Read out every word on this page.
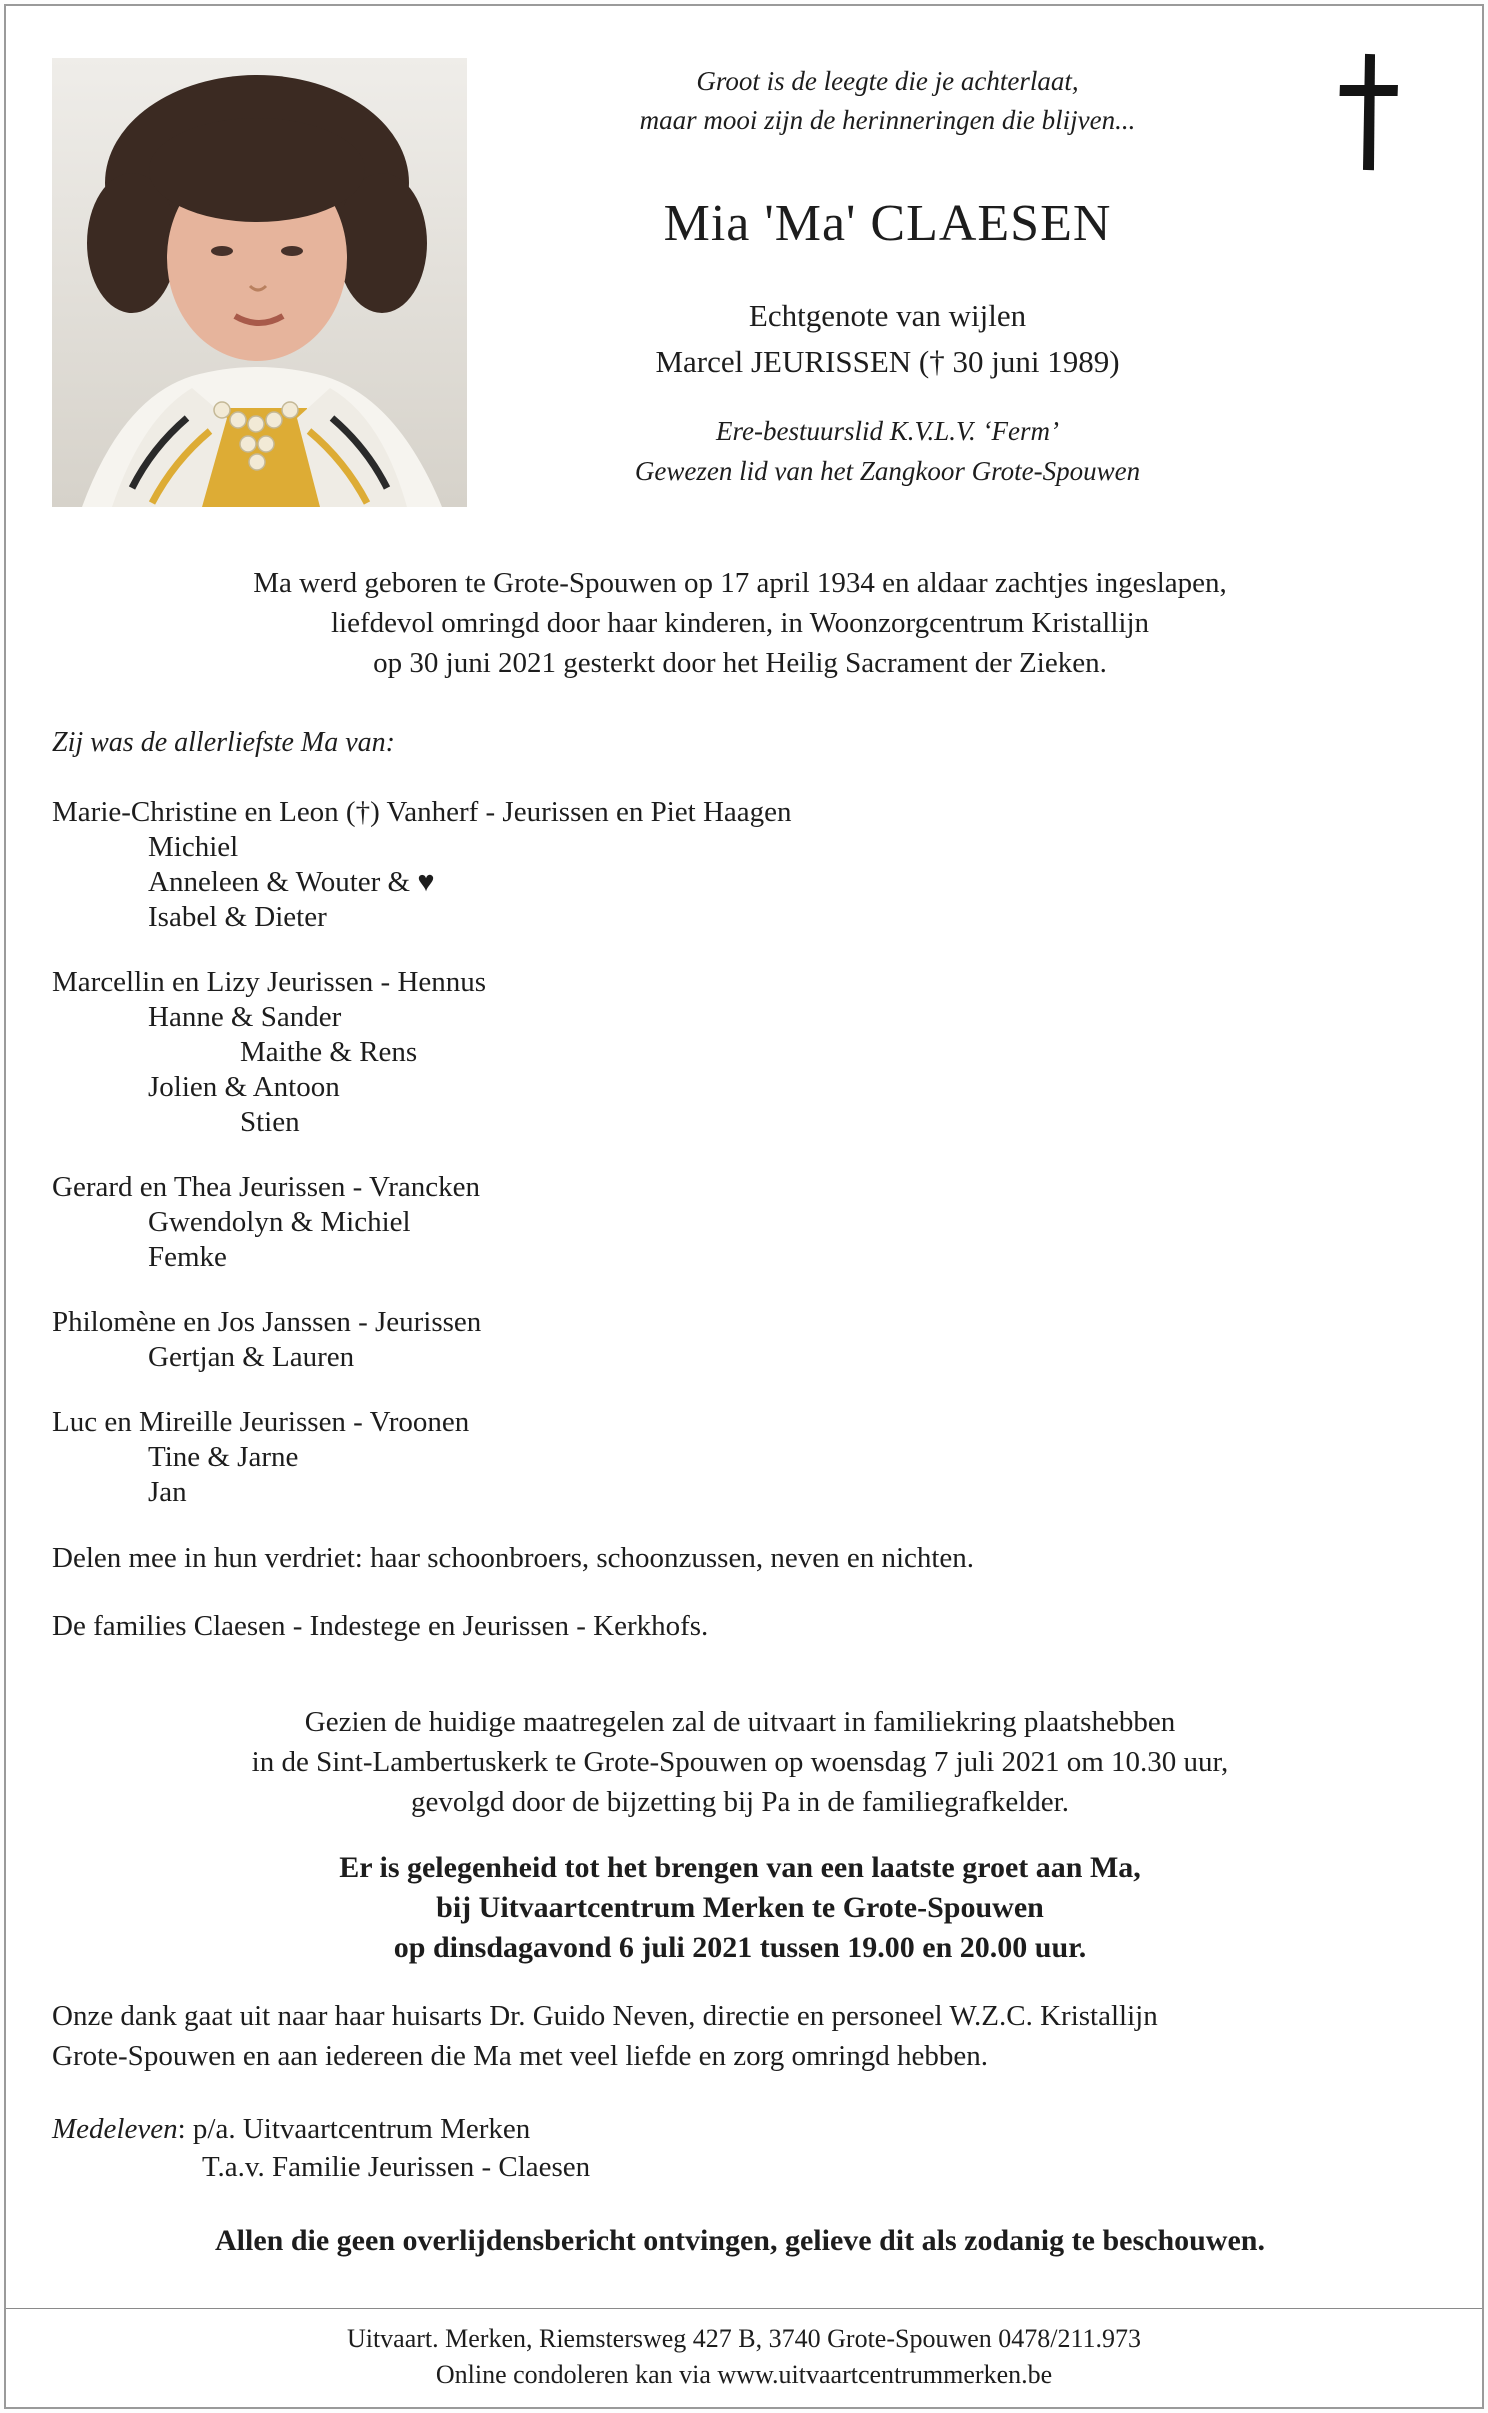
Groot is de leegte die je achterlaat,
maar mooi zijn de herinneringen die blijven...
Mia 'Ma' CLAESEN
Echtgenote van wijlen
Marcel JEURISSEN († 30 juni 1989)
Ere-bestuurslid K.V.L.V. ‘Ferm’
Gewezen lid van het Zangkoor Grote-Spouwen
Ma werd geboren te Grote-Spouwen op 17 april 1934 en aldaar zachtjes ingeslapen,
liefdevol omringd door haar kinderen, in Woonzorgcentrum Kristallijn
op 30 juni 2021 gesterkt door het Heilig Sacrament der Zieken.
Zij was de allerliefste Ma van:

Marie-Christine en Leon (†) Vanherf - Jeurissen en Piet Haagen

Michiel

Anneleen & Wouter & ♥

Isabel & Dieter

Marcellin en Lizy Jeurissen - Hennus

Hanne & Sander

Maithe & Rens

Jolien & Antoon

Stien

Gerard en Thea Jeurissen - Vrancken

Gwendolyn & Michiel

Femke

Philomène en Jos Janssen - Jeurissen

Gertjan & Lauren

Luc en Mireille Jeurissen - Vroonen

Tine & Jarne

Jan

Delen mee in hun verdriet: haar schoonbroers, schoonzussen, neven en nichten.
De families Claesen - Indestege en Jeurissen - Kerkhofs.
Gezien de huidige maatregelen zal de uitvaart in familiekring plaatshebben
in de Sint-Lambertuskerk te Grote-Spouwen op woensdag 7 juli 2021 om 10.30 uur,
gevolgd door de bijzetting bij Pa in de familiegrafkelder.
Er is gelegenheid tot het brengen van een laatste groet aan Ma,
bij Uitvaartcentrum Merken te Grote-Spouwen
op dinsdagavond 6 juli 2021 tussen 19.00 en 20.00 uur.
Onze dank gaat uit naar haar huisarts Dr. Guido Neven, directie en personeel W.Z.C. Kristallijn
Grote-Spouwen en aan iedereen die Ma met veel liefde en zorg omringd hebben.
Medeleven: p/a. Uitvaartcentrum Merken
T.a.v. Familie Jeurissen - Claesen
Allen die geen overlijdensbericht ontvingen, gelieve dit als zodanig te beschouwen.
Uitvaart. Merken, Riemstersweg 427 B, 3740 Grote-Spouwen 0478/211.973
Online condoleren kan via www.uitvaartcentrummerken.be
